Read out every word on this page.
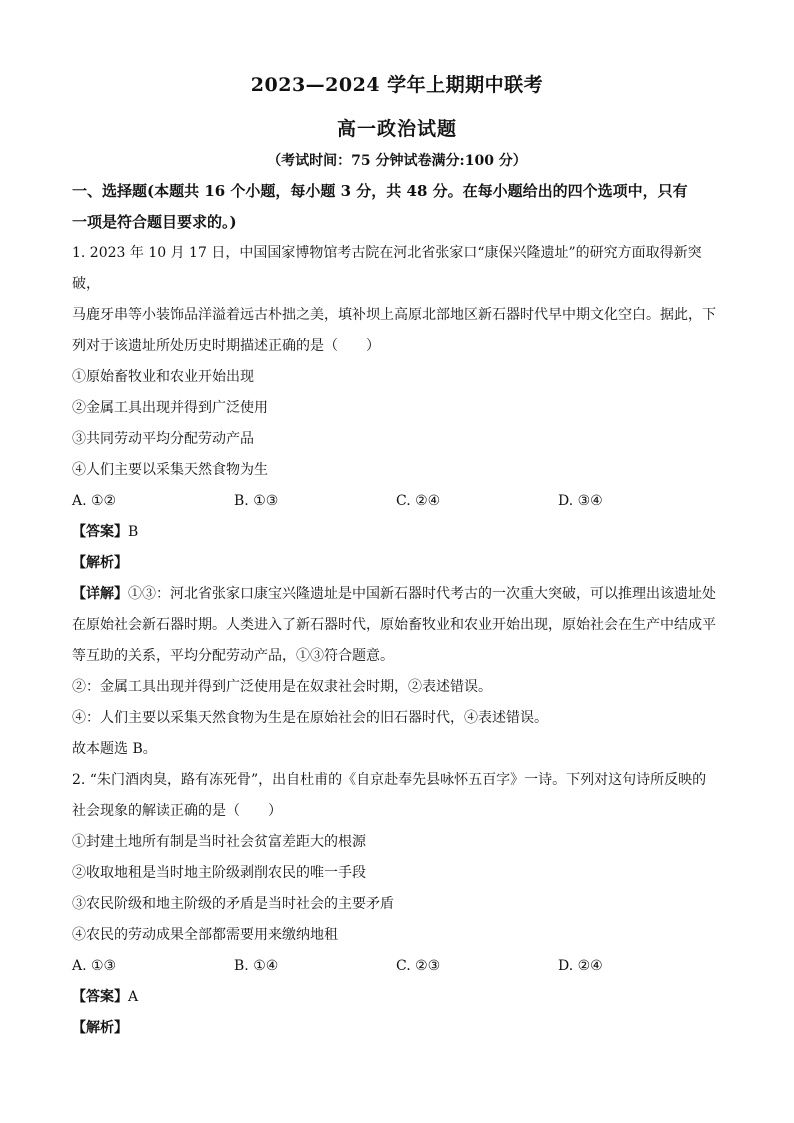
2023—2024 学年上期期中联考
高一政治试题
（考试时间：75 分钟试卷满分:100 分）

一、选择题(本题共 16 个小题，每小题 3 分，共 48 分。在每小题给出的四个选项中，只有

一项是符合题目要求的。)

1. 2023 年 10 月 17 日，中国国家博物馆考古院在河北省张家口“康保兴隆遗址”的研究方面取得新突破，

马鹿牙串等小装饰品洋溢着远古朴拙之美，填补坝上高原北部地区新石器时代早中期文化空白。据此，下

列对于该遗址所处历史时期描述正确的是（　　）

①原始畜牧业和农业开始出现

②金属工具出现并得到广泛使用

③共同劳动平均分配劳动产品

④人们主要以采集天然食物为生

A. ①②	B. ①③	C. ②④	D. ③④

【答案】B

【解析】

【详解】①③：河北省张家口康宝兴隆遗址是中国新石器时代考古的一次重大突破，可以推理出该遗址处

在原始社会新石器时期。人类进入了新石器时代，原始畜牧业和农业开始出现，原始社会在生产中结成平

等互助的关系，平均分配劳动产品，①③符合题意。

②：金属工具出现并得到广泛使用是在奴隶社会时期，②表述错误。

④：人们主要以采集天然食物为生是在原始社会的旧石器时代，④表述错误。

故本题选 B。

2. “朱门酒肉臭，路有冻死骨”，出自杜甫的《自京赴奉先县咏怀五百字》一诗。下列对这句诗所反映的

社会现象的解读正确的是（　　）

①封建土地所有制是当时社会贫富差距大的根源

②收取地租是当时地主阶级剥削农民的唯一手段

③农民阶级和地主阶级的矛盾是当时社会的主要矛盾

④农民的劳动成果全部都需要用来缴纳地租

A. ①③	B. ①④	C. ②③	D. ②④

【答案】A

【解析】
